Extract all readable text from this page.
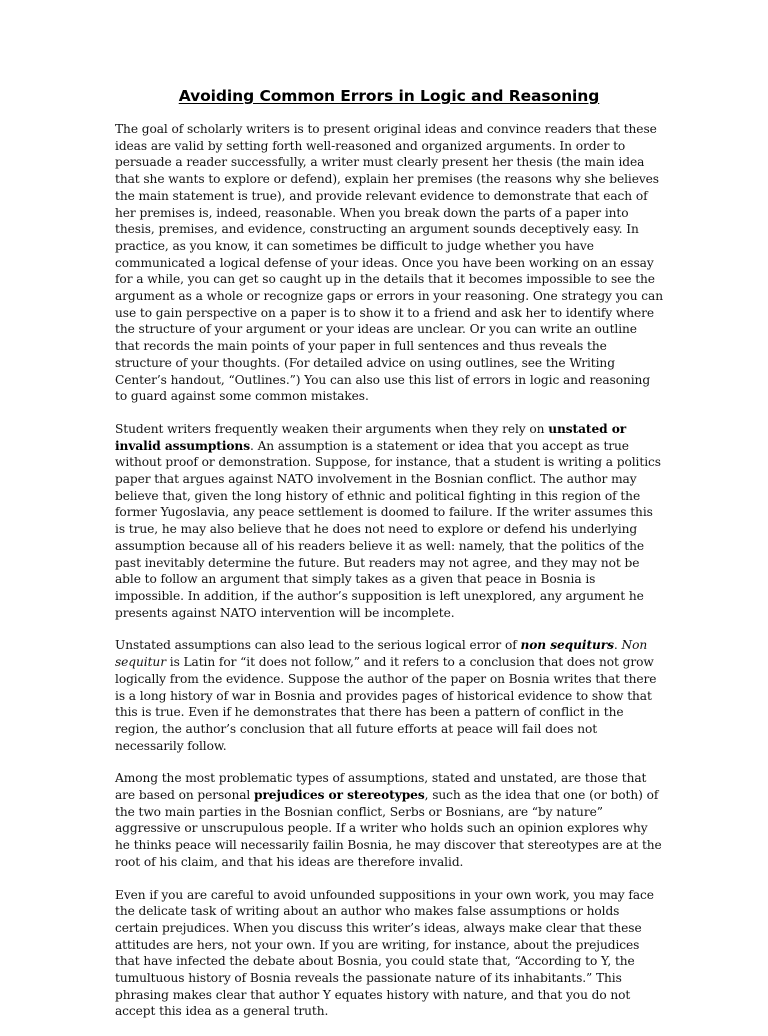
Avoiding Common Errors in Logic and Reasoning

The goal of scholarly writers is to present original ideas and convince readers that these ideas are valid by setting forth well-reasoned and organized arguments. In order to persuade a reader successfully, a writer must clearly present her thesis (the main idea that she wants to explore or defend), explain her premises (the reasons why she believes the main statement is true), and provide relevant evidence to demonstrate that each of her premises is, indeed, reasonable. When you break down the parts of a paper into thesis, premises, and evidence, constructing an argument sounds deceptively easy. In practice, as you know, it can sometimes be difficult to judge whether you have communicated a logical defense of your ideas. Once you have been working on an essay for a while, you can get so caught up in the details that it becomes impossible to see the argument as a whole or recognize gaps or errors in your reasoning. One strategy you can use to gain perspective on a paper is to show it to a friend and ask her to identify where the structure of your argument or your ideas are unclear. Or you can write an outline that records the main points of your paper in full sentences and thus reveals the structure of your thoughts. (For detailed advice on using outlines, see the Writing Center’s handout, “Outlines.”) You can also use this list of errors in logic and reasoning to guard against some common mistakes.

Student writers frequently weaken their arguments when they rely on unstated or invalid assumptions. An assumption is a statement or idea that you accept as true without proof or demonstration. Suppose, for instance, that a student is writing a politics paper that argues against NATO involvement in the Bosnian conflict. The author may believe that, given the long history of ethnic and political fighting in this region of the former Yugoslavia, any peace settlement is doomed to failure. If the writer assumes this is true, he may also believe that he does not need to explore or defend his underlying assumption because all of his readers believe it as well: namely, that the politics of the past inevitably determine the future. But readers may not agree, and they may not be able to follow an argument that simply takes as a given that peace in Bosnia is impossible. In addition, if the author’s supposition is left unexplored, any argument he presents against NATO intervention will be incomplete.

Unstated assumptions can also lead to the serious logical error of non sequiturs. Non sequitur is Latin for “it does not follow,” and it refers to a conclusion that does not grow logically from the evidence. Suppose the author of the paper on Bosnia writes that there is a long history of war in Bosnia and provides pages of historical evidence to show that this is true. Even if he demonstrates that there has been a pattern of conflict in the region, the author’s conclusion that all future efforts at peace will fail does not necessarily follow.

Among the most problematic types of assumptions, stated and unstated, are those that are based on personal prejudices or stereotypes, such as the idea that one (or both) of the two main parties in the Bosnian conflict, Serbs or Bosnians, are “by nature” aggressive or unscrupulous people. If a writer who holds such an opinion explores why he thinks peace will necessarily failin Bosnia, he may discover that stereotypes are at the root of his claim, and that his ideas are therefore invalid.

Even if you are careful to avoid unfounded suppositions in your own work, you may face the delicate task of writing about an author who makes false assumptions or holds certain prejudices. When you discuss this writer’s ideas, always make clear that these attitudes are hers, not your own. If you are writing, for instance, about the prejudices that have infected the debate about Bosnia, you could state that, “According to Y, the tumultuous history of Bosnia reveals the passionate nature of its inhabitants.” This phrasing makes clear that author Y equates history with nature, and that you do not accept this idea as a general truth.
